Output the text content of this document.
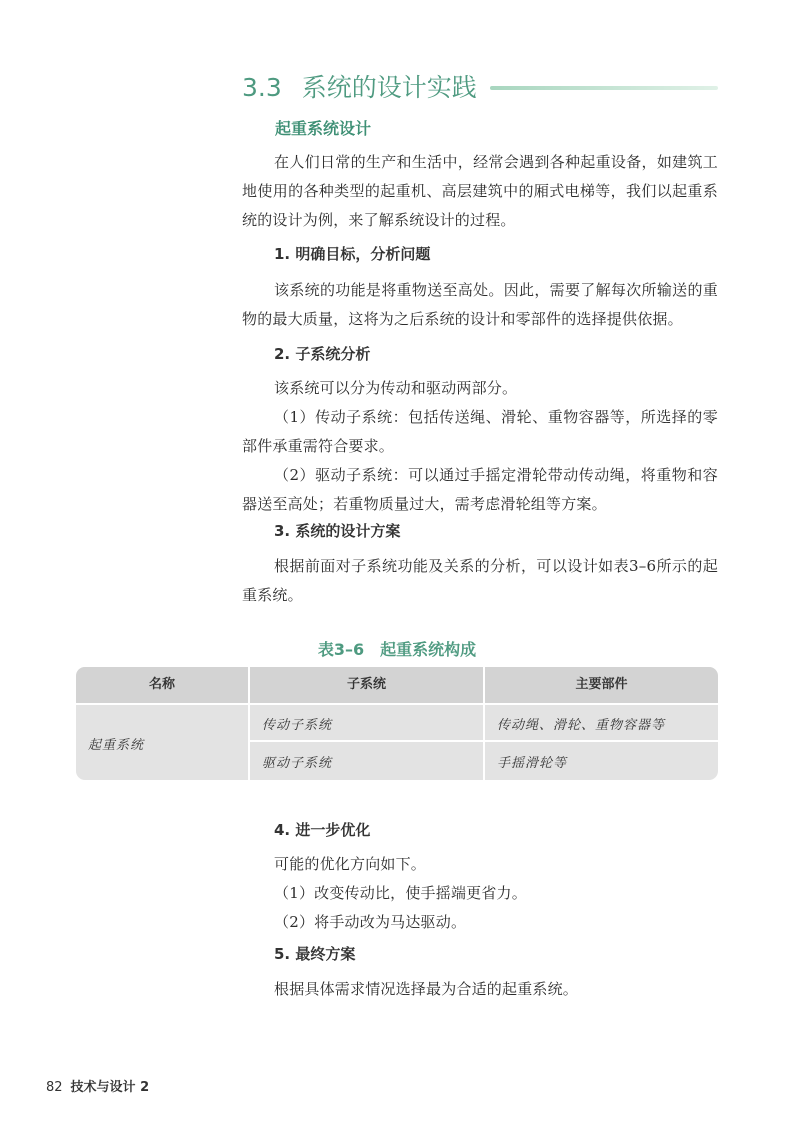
3.3 系统的设计实践
起重系统设计

在人们日常的生产和生活中，经常会遇到各种起重设备，如建筑工地使用的各种类型的起重机、高层建筑中的厢式电梯等，我们以起重系统的设计为例，来了解系统设计的过程。

1. 明确目标，分析问题

该系统的功能是将重物送至高处。因此，需要了解每次所输送的重物的最大质量，这将为之后系统的设计和零部件的选择提供依据。

2. 子系统分析

该系统可以分为传动和驱动两部分。

（1）传动子系统：包括传送绳、滑轮、重物容器等，所选择的零部件承重需符合要求。

（2）驱动子系统：可以通过手摇定滑轮带动传动绳，将重物和容器送至高处；若重物质量过大，需考虑滑轮组等方案。

3. 系统的设计方案

根据前面对子系统功能及关系的分析，可以设计如表3–6所示的起重系统。

表3–6 起重系统构成
名称	子系统	主要部件
起重系统
传动子系统	传动绳、滑轮、重物容器等
驱动子系统	手摇滑轮等
4. 进一步优化

可能的优化方向如下。

（1）改变传动比，使手摇端更省力。

（2）将手动改为马达驱动。

5. 最终方案

根据具体需求情况选择最为合适的起重系统。

82 技术与设计 2
